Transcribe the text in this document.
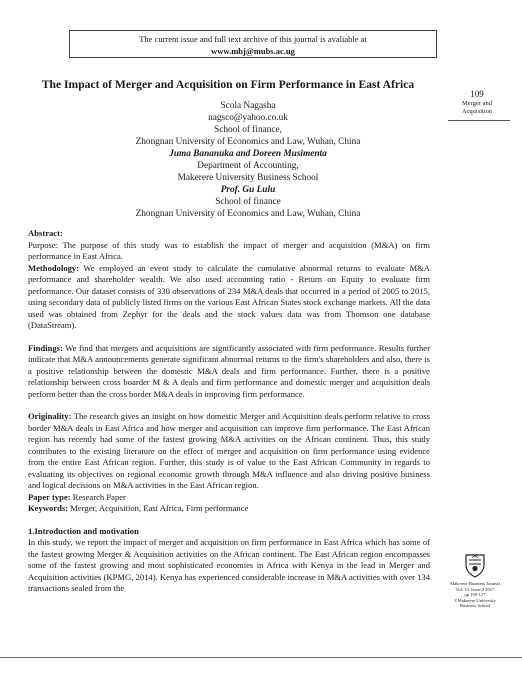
The current issue and full text archive of this journal is avaliable at
www.mbj@mubs.ac.ug
The Impact of Merger and Acquisition on Firm Performance in East Africa
109
Merger and
Acquisition
Scola Nagasha
nagsco@yahoo.co.uk
School of finance,
Zhongnan University of Economics and Law, Wuhan, China
Juma Bananuka and Doreen Musimenta
Department of Accounting,
Makerere University Business School
Prof. Gu Lulu
School of finance
Zhongnan University of Economics and Law, Wuhan, China

Abstract:

Purpose: The purpose of this study was to establish the impact of merger and acquisition (M&A) on firm performance in East Africa.

Methodology: We employed an event study to calculate the cumulative abnormal returns to evaluate M&A performance and shareholder wealth. We also used accounting ratio - Return on Equity to evaluate firm performance. Our dataset consists of 330 observations of 234 M&A deals that occurred in a period of 2005 to 2015, using secondary data of publicly listed firms on the various East African States stock exchange markets. All the data used was obtained from Zephyr for the deals and the stock values data was from Thomson one database (DataStream).

Findings: We find that mergers and acquisitions are significantly associated with firm performance. Results further indicate that M&A announcements generate significant abnormal returns to the firm's shareholders and also, there is a positive relationship between the domestic M&A deals and firm performance. Further, there is a positive relationship between cross boarder M & A deals and firm performance and domestic merger and acquisition deals perform better than the cross border M&A deals in improving firm performance.

Originality: The research gives an insight on how domestic Merger and Acquisition deals perform relative to cross border M&A deals in East Africa and how merger and acquisition can improve firm performance. The East African region has recently had some of the fastest growing M&A activities on the African continent. Thus, this study contributes to the existing literature on the effect of merger and acquisition on firm performance using evidence from the entire East African region. Further, this study is of value to the East African Community in regards to evaluating its objectives on regional economic growth through M&A influence and also driving positive business and logical decisions on M&A activities in the East African region.

Paper type: Research Paper

Keywords: Merger, Acquisition, East Africa, Firm performance

1.Introduction and motivation

In this study, we report the impact of merger and acquisition on firm performance in East Africa which has some of the fastest growing Merger & Acquisition activities on the African continent. The East African region encompasses some of the fastest growing and most sophisticated economies in Africa with Kenya in the lead in Merger and Acquisition activities (KPMG, 2014). Kenya has experienced considerable increase in M&A activities with over 134 transactions sealed from the	Makerere Business Journal
Vol. 13, Issue 2 2017
pp 109-127
©Makerere University
Business School
